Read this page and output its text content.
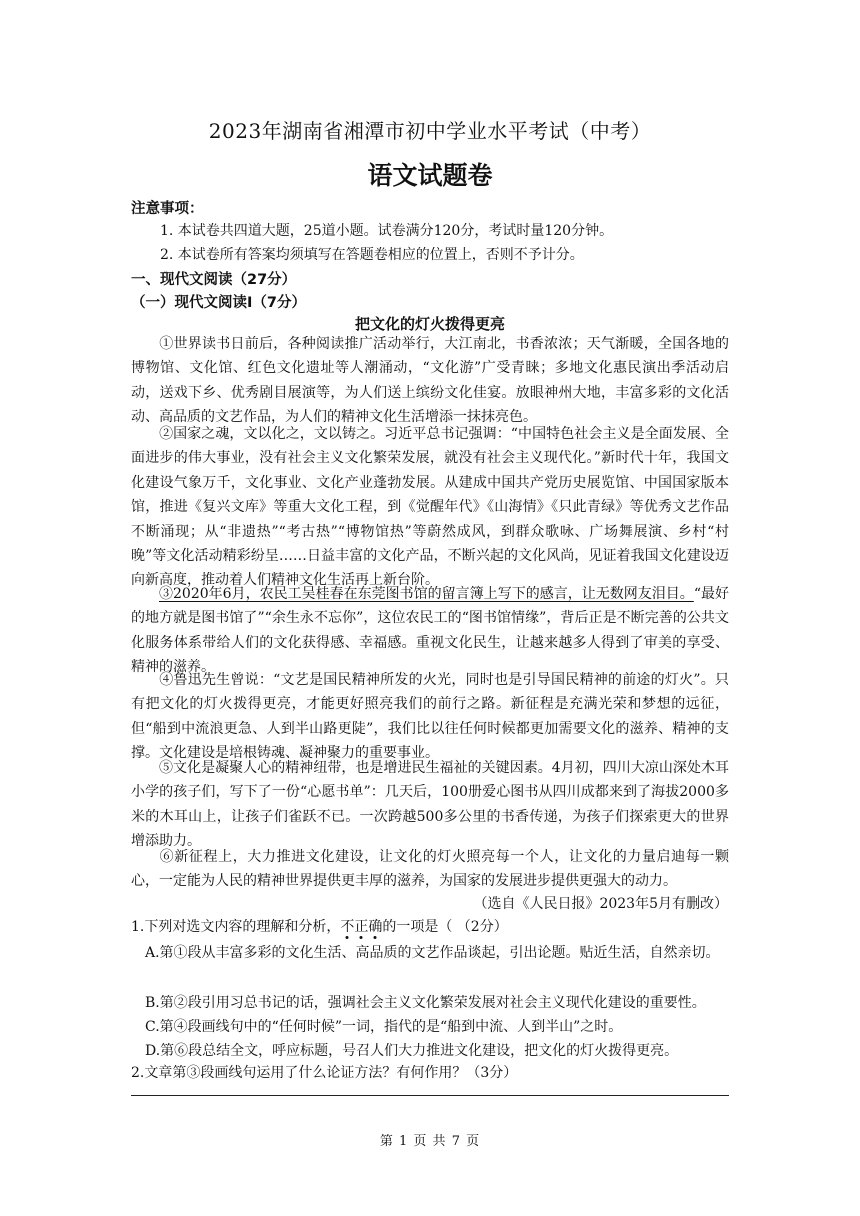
2023年湖南省湘潭市初中学业水平考试（中考）
语文试题卷
注意事项：
1. 本试卷共四道大题，25道小题。试卷满分120分，考试时量120分钟。
2. 本试卷所有答案均须填写在答题卷相应的位置上，否则不予计分。
一、现代文阅读（27分）
（一）现代文阅读Ⅰ（7分）
把文化的灯火拨得更亮

①世界读书日前后，各种阅读推广活动举行，大江南北，书香浓浓；天气渐暖，全国各地的博物馆、文化馆、红色文化遗址等人潮涌动，“文化游”广受青睐；多地文化惠民演出季活动启动，送戏下乡、优秀剧目展演等，为人们送上缤纷文化佳宴。放眼神州大地，丰富多彩的文化活动、高品质的文艺作品，为人们的精神文化生活增添一抹抹亮色。

②国家之魂，文以化之，文以铸之。习近平总书记强调：“中国特色社会主义是全面发展、全面进步的伟大事业，没有社会主义文化繁荣发展，就没有社会主义现代化。”新时代十年，我国文化建设气象万千，文化事业、文化产业蓬勃发展。从建成中国共产党历史展览馆、中国国家版本馆，推进《复兴文库》等重大文化工程，到《觉醒年代》《山海情》《只此青绿》等优秀文艺作品不断涌现；从“非遗热”“考古热”“博物馆热”等蔚然成风，到群众歌咏、广场舞展演、乡村“村晚”等文化活动精彩纷呈……日益丰富的文化产品，不断兴起的文化风尚，见证着我国文化建设迈向新高度，推动着人们精神文化生活再上新台阶。

③2020年6月，农民工吴桂春在东莞图书馆的留言簿上写下的感言，让无数网友泪目。“最好的地方就是图书馆了”“余生永不忘你”，这位农民工的“图书馆情缘”，背后正是不断完善的公共文化服务体系带给人们的文化获得感、幸福感。重视文化民生，让越来越多人得到了审美的享受、精神的滋养。

④鲁迅先生曾说：“文艺是国民精神所发的火光，同时也是引导国民精神的前途的灯火”。只有把文化的灯火拨得更亮，才能更好照亮我们的前行之路。新征程是充满光荣和梦想的远征，但“船到中流浪更急、人到半山路更陡”，我们比以往任何时候都更加需要文化的滋养、精神的支撑。文化建设是培根铸魂、凝神聚力的重要事业。

⑤文化是凝聚人心的精神纽带，也是增进民生福祉的关键因素。4月初，四川大凉山深处木耳小学的孩子们，写下了一份“心愿书单”：几天后，100册爱心图书从四川成都来到了海拔2000多米的木耳山上，让孩子们雀跃不已。一次跨越500多公里的书香传递，为孩子们探索更大的世界增添助力。

⑥新征程上，大力推进文化建设，让文化的灯火照亮每一个人，让文化的力量启迪每一颗心，一定能为人民的精神世界提供更丰厚的滋养，为国家的发展进步提供更强大的动力。

（选自《人民日报》2023年5月有删改）
1.下列对选文内容的理解和分析，不正确的一项是（ （2分）
A.第①段从丰富多彩的文化生活、高品质的文艺作品谈起，引出论题。贴近生活，自然亲切。
B.第②段引用习总书记的话，强调社会主义文化繁荣发展对社会主义现代化建设的重要性。
C.第④段画线句中的“任何时候”一词，指代的是“船到中流、人到半山”之时。
D.第⑥段总结全文，呼应标题，号召人们大力推进文化建设，把文化的灯火拨得更亮。
2.文章第③段画线句运用了什么论证方法？有何作用？（3分）
第 1 页 共 7 页
